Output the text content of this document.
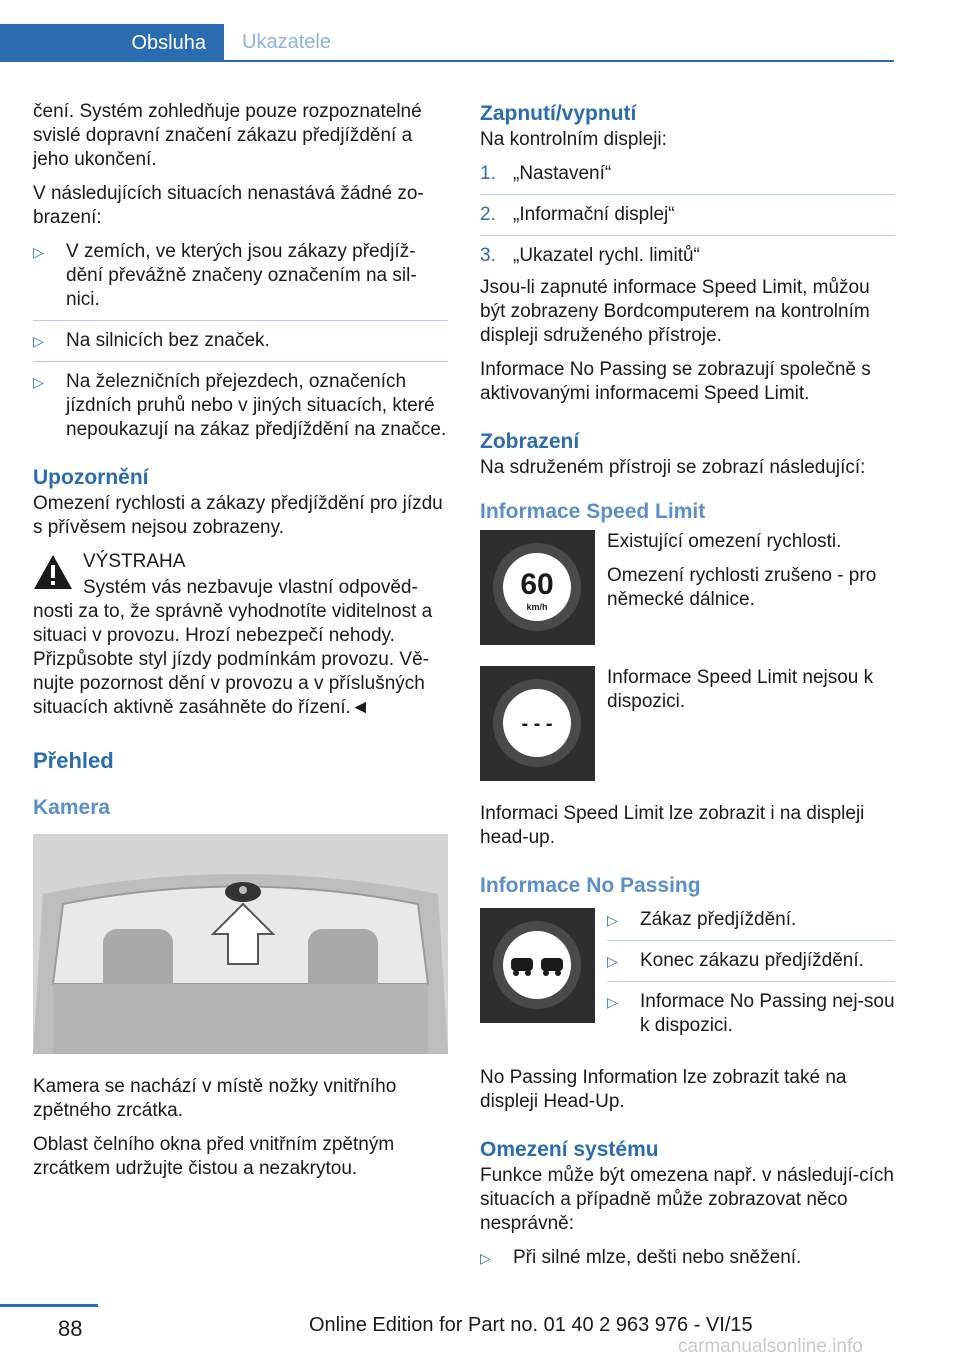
Obsluha	Ukazatele

čení. Systém zohledňuje pouze rozpoznatelné svislé dopravní značení zákazu předjíždění a jeho ukončení.

V následujících situacích nenastává žádné zo‐brazení:

▷ V zemích, ve kterých jsou zákazy předjíž‐dění převážně značeny označením na sil‐nici.
▷ Na silnicích bez značek.
▷ Na železničních přejezdech, označeních jízdních pruhů nebo v jiných situacích, které nepoukazují na zákaz předjíždění na značce.
Upozornění

Omezení rychlosti a zákazy předjíždění pro jízdu s přívěsem nejsou zobrazeny.

VÝSTRAHA

Systém vás nezbavuje vlastní odpověd‐nosti za to, že správně vyhodnotíte viditelnost a situaci v provozu. Hrozí nebezpečí nehody. Přizpůsobte styl jízdy podmínkám provozu. Vě‐nujte pozornost dění v provozu a v příslušných situacích aktivně zasáhněte do řízení.◄

Přehled
Kamera

Kamera se nachází v místě nožky vnitřního zpětného zrcátka.

Oblast čelního okna před vnitřním zpětným zrcátkem udržujte čistou a nezakrytou.

Zapnutí/vypnutí

Na kontrolním displeji:

1. „Nastavení“
2. „Informační displej“
3. „Ukazatel rychl. limitů“

Jsou-li zapnuté informace Speed Limit, můžou být zobrazeny Bordcomputerem na kontrolním displeji sdruženého přístroje.

Informace No Passing se zobrazují společně s aktivovanými informacemi Speed Limit.

Zobrazení

Na sdruženém přístroji se zobrazí následující:

Informace Speed Limit
60
km/h

Existující omezení rychlosti.

Omezení rychlosti zrušeno - pro německé dálnice.

- - -

Informace Speed Limit nejsou k dispozici.

Informaci Speed Limit lze zobrazit i na displeji head-up.

Informace No Passing
▷ Zákaz předjíždění.
▷ Konec zákazu předjíždění.
▷ Informace No Passing nej‐sou k dispozici.

No Passing Information lze zobrazit také na displeji Head-Up.

Omezení systému

Funkce může být omezena např. v následují‐cích situacích a případně může zobrazovat něco nesprávně:

▷ Při silné mlze, dešti nebo sněžení.
88	Online Edition for Part no. 01 40 2 963 976 - VI/15
carmanualsonline.info
